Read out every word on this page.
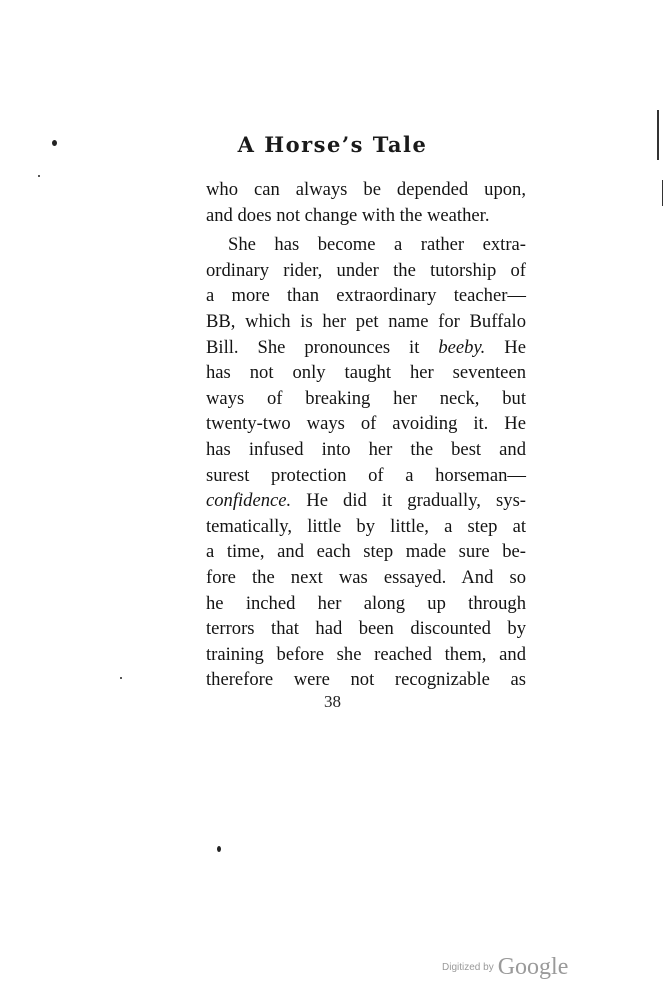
A Horse’s Tale
who can always be depended upon,
and does not change with the weather.
She has become a rather extra-
ordinary rider, under the tutorship of
a more than extraordinary teacher—
BB, which is her pet name for Buffalo
Bill. She pronounces it beeby. He
has not only taught her seventeen
ways of breaking her neck, but
twenty-two ways of avoiding it. He
has infused into her the best and
surest protection of a horseman—
confidence. He did it gradually, sys-
tematically, little by little, a step at
a time, and each step made sure be-
fore the next was essayed. And so
he inched her along up through
terrors that had been discounted by
training before she reached them, and
therefore were not recognizable as
38
Digitized by Google
